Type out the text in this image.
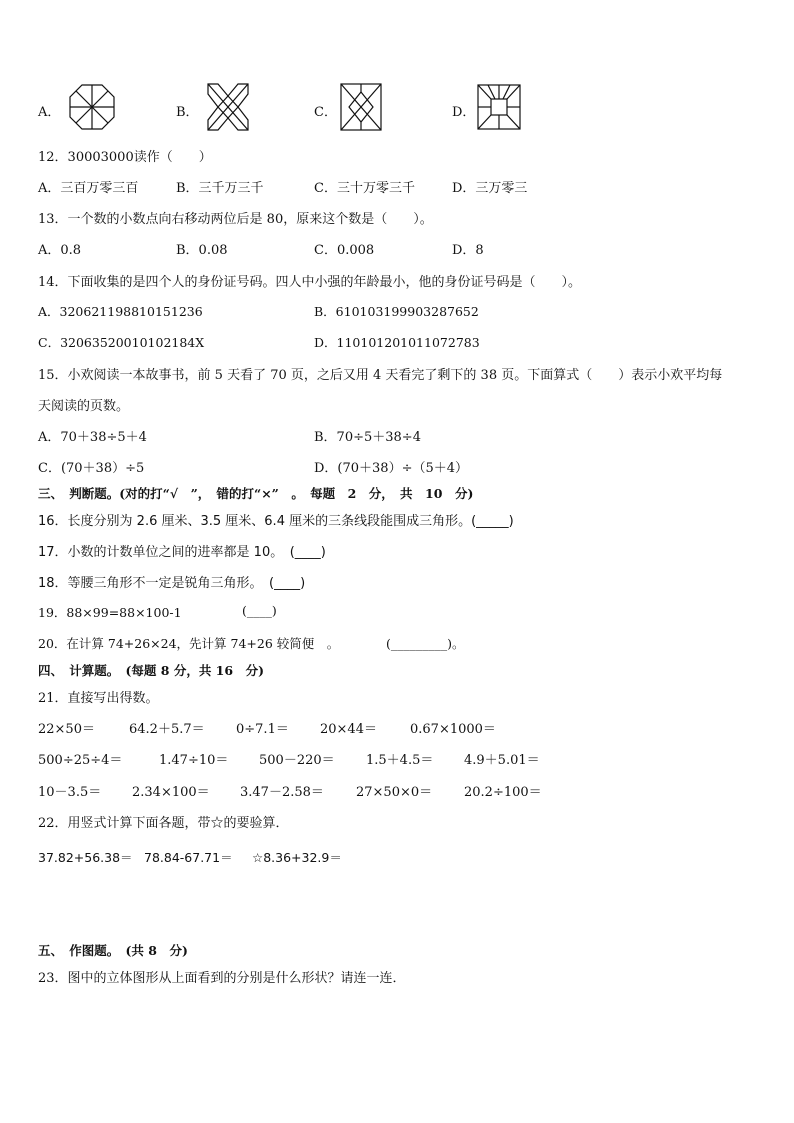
A．	B．	C．	D．
12．30003000读作（　　）
A．三百万零三百	B．三千万三千	C．三十万零三千	D．三万零三
13．一个数的小数点向右移动两位后是 80，原来这个数是（　　）。
A．0.8	B．0.08	C．0.008	D．8
14．下面收集的是四个人的身份证号码。四人中小强的年龄最小，他的身份证号码是（　　）。
A．320621198810151236	B．610103199903287652
C．32063520010102184X	D．110101201011072783
15．小欢阅读一本故事书，前 5 天看了 70 页，之后又用 4 天看完了剩下的 38 页。下面算式（　　）表示小欢平均每
天阅读的页数。
A．70＋38÷5＋4	B．70÷5＋38÷4
C．(70＋38）÷5	D．(70＋38）÷（5＋4）
三、　判断题。(对的打“√　”，　错的打“×”　。　每题　2　分，　共　10　分)
16．长度分别为 2.6 厘米、3.5 厘米、6.4 厘米的三条线段能围成三角形。(_____)
17．小数的计数单位之间的进率都是 10。　(____)
18．等腰三角形不一定是锐角三角形。　(____)
19．88×99=88×100-1	(____)
20．在计算 74+26×24，先计算 74+26 较简便　。	(_________)。
四、　计算题。　(每题 8 分，共 16　分)
21．直接写出得数。
22×50＝	64.2＋5.7＝ 0÷7.1＝ 20×44＝	0.67×1000＝
500÷25÷4＝	1.47÷10＝ 500－220＝ 1.5＋4.5＝ 4.9＋5.01＝
10－3.5＝ 2.34×100＝ 3.47－2.58＝ 27×50×0＝ 20.2÷100＝
22．用竖式计算下面各题，带☆的要验算．
37.82+56.38＝ 78.84-67.71＝ ☆8.36+32.9＝
五、　作图题。　(共 8　分)
23．图中的立体图形从上面看到的分别是什么形状？请连一连．
